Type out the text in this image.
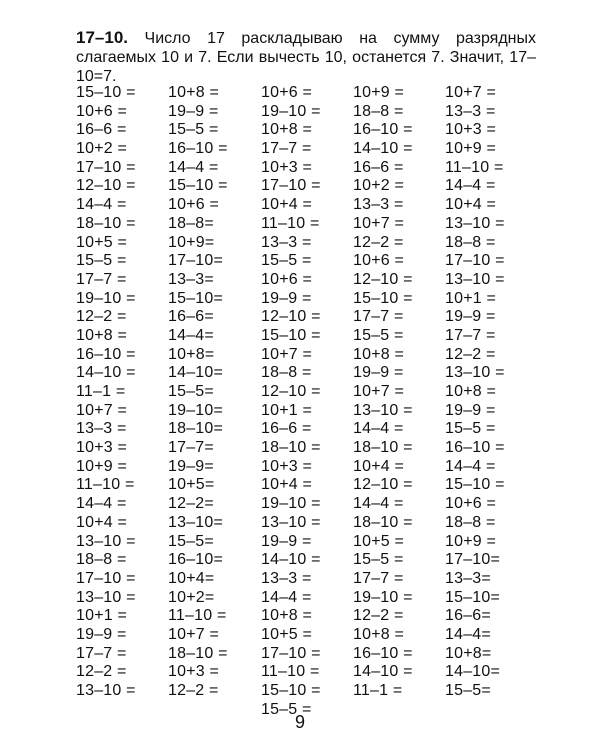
17–10. Число 17 раскладываю на сумму разрядных слагаемых 10 и 7. Если вычесть 10, останется 7. Значит, 17–10=7.
15–10 =
10+6 =
16–6 =
10+2 =
17–10 =
12–10 =
14–4 =
18–10 =
10+5 =
15–5 =
17–7 =
19–10 =
12–2 =
10+8 =
16–10 =
14–10 =
11–1 =
10+7 =
13–3 =
10+3 =
10+9 =
11–10 =
14–4 =
10+4 =
13–10 =
18–8 =
17–10 =
13–10 =
10+1 =
19–9 =
17–7 =
12–2 =
13–10 =
10+8 =
19–9 =
15–5 =
16–10 =
14–4 =
15–10 =
10+6 =
18–8=
10+9=
17–10=
13–3=
15–10=
16–6=
14–4=
10+8=
14–10=
15–5=
19–10=
18–10=
17–7=
19–9=
10+5=
12–2=
13–10=
15–5=
16–10=
10+4=
10+2=
11–10 =
10+7 =
18–10 =
10+3 =
12–2 =
10+6 =
19–10 =
10+8 =
17–7 =
10+3 =
17–10 =
10+4 =
11–10 =
13–3 =
15–5 =
10+6 =
19–9 =
12–10 =
15–10 =
10+7 =
18–8 =
12–10 =
10+1 =
16–6 =
18–10 =
10+3 =
10+4 =
19–10 =
13–10 =
19–9 =
14–10 =
13–3 =
14–4 =
10+8 =
10+5 =
17–10 =
11–10 =
15–10 =
15–5 =
10+9 =
18–8 =
16–10 =
14–10 =
16–6 =
10+2 =
13–3 =
10+7 =
12–2 =
10+6 =
12–10 =
15–10 =
17–7 =
15–5 =
10+8 =
19–9 =
10+7 =
13–10 =
14–4 =
18–10 =
10+4 =
12–10 =
14–4 =
18–10 =
10+5 =
15–5 =
17–7 =
19–10 =
12–2 =
10+8 =
16–10 =
14–10 =
11–1 =
10+7 =
13–3 =
10+3 =
10+9 =
11–10 =
14–4 =
10+4 =
13–10 =
18–8 =
17–10 =
13–10 =
10+1 =
19–9 =
17–7 =
12–2 =
13–10 =
10+8 =
19–9 =
15–5 =
16–10 =
14–4 =
15–10 =
10+6 =
18–8 =
10+9 =
17–10=
13–3=
15–10=
16–6=
14–4=
10+8=
14–10=
15–5=
9
